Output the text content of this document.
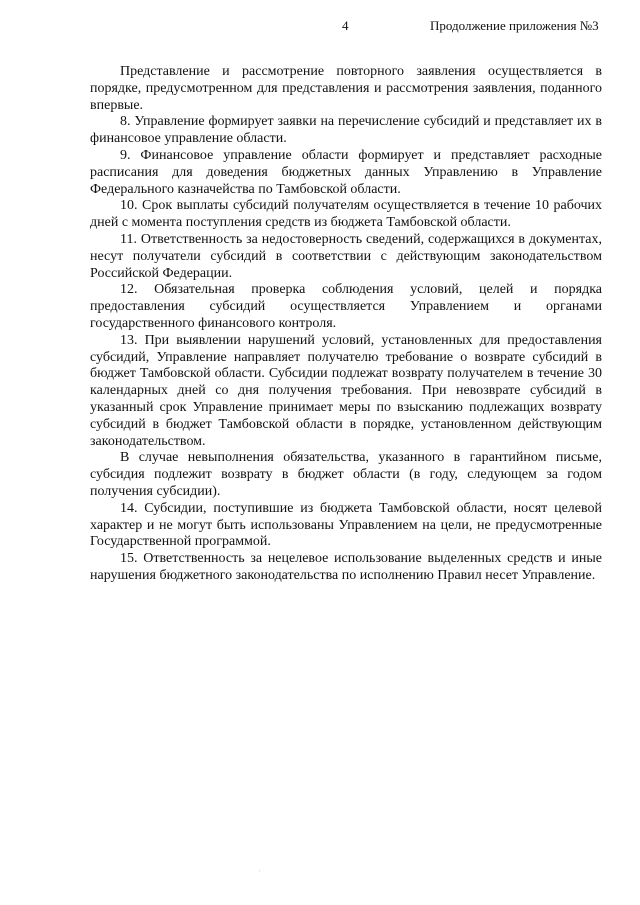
4	Продолжение приложения №3

Представление и рассмотрение повторного заявления осуществляется в порядке, предусмотренном для представления и рассмотрения заявления, поданного впервые.

8. Управление формирует заявки на перечисление субсидий и представляет их в финансовое управление области.

9. Финансовое управление области формирует и представляет расходные расписания для доведения бюджетных данных Управлению в Управление Федерального казначейства по Тамбовской области.

10. Срок выплаты субсидий получателям осуществляется в течение 10 рабочих дней с момента поступления средств из бюджета Тамбовской области.

11. Ответственность за недостоверность сведений, содержащихся в документах, несут получатели субсидий в соответствии с действующим законодательством Российской Федерации.

12. Обязательная проверка соблюдения условий, целей и порядка предоставления субсидий осуществляется Управлением и органами государственного финансового контроля.

13. При выявлении нарушений условий, установленных для предоставления субсидий, Управление направляет получателю требование о возврате субсидий в бюджет Тамбовской области. Субсидии подлежат возврату получателем в течение 30 календарных дней со дня получения требования. При невозврате субсидий в указанный срок Управление принимает меры по взысканию подлежащих возврату субсидий в бюджет Тамбовской области в порядке, установленном действующим законодательством.

В случае невыполнения обязательства, указанного в гарантийном письме, субсидия подлежит возврату в бюджет области (в году, следующем за годом получения субсидии).

14. Субсидии, поступившие из бюджета Тамбовской области, носят целевой характер и не могут быть использованы Управлением на цели, не предусмотренные Государственной программой.

15. Ответственность за нецелевое использование выделенных средств и иные нарушения бюджетного законодательства по исполнению Правил несет Управление.

·
